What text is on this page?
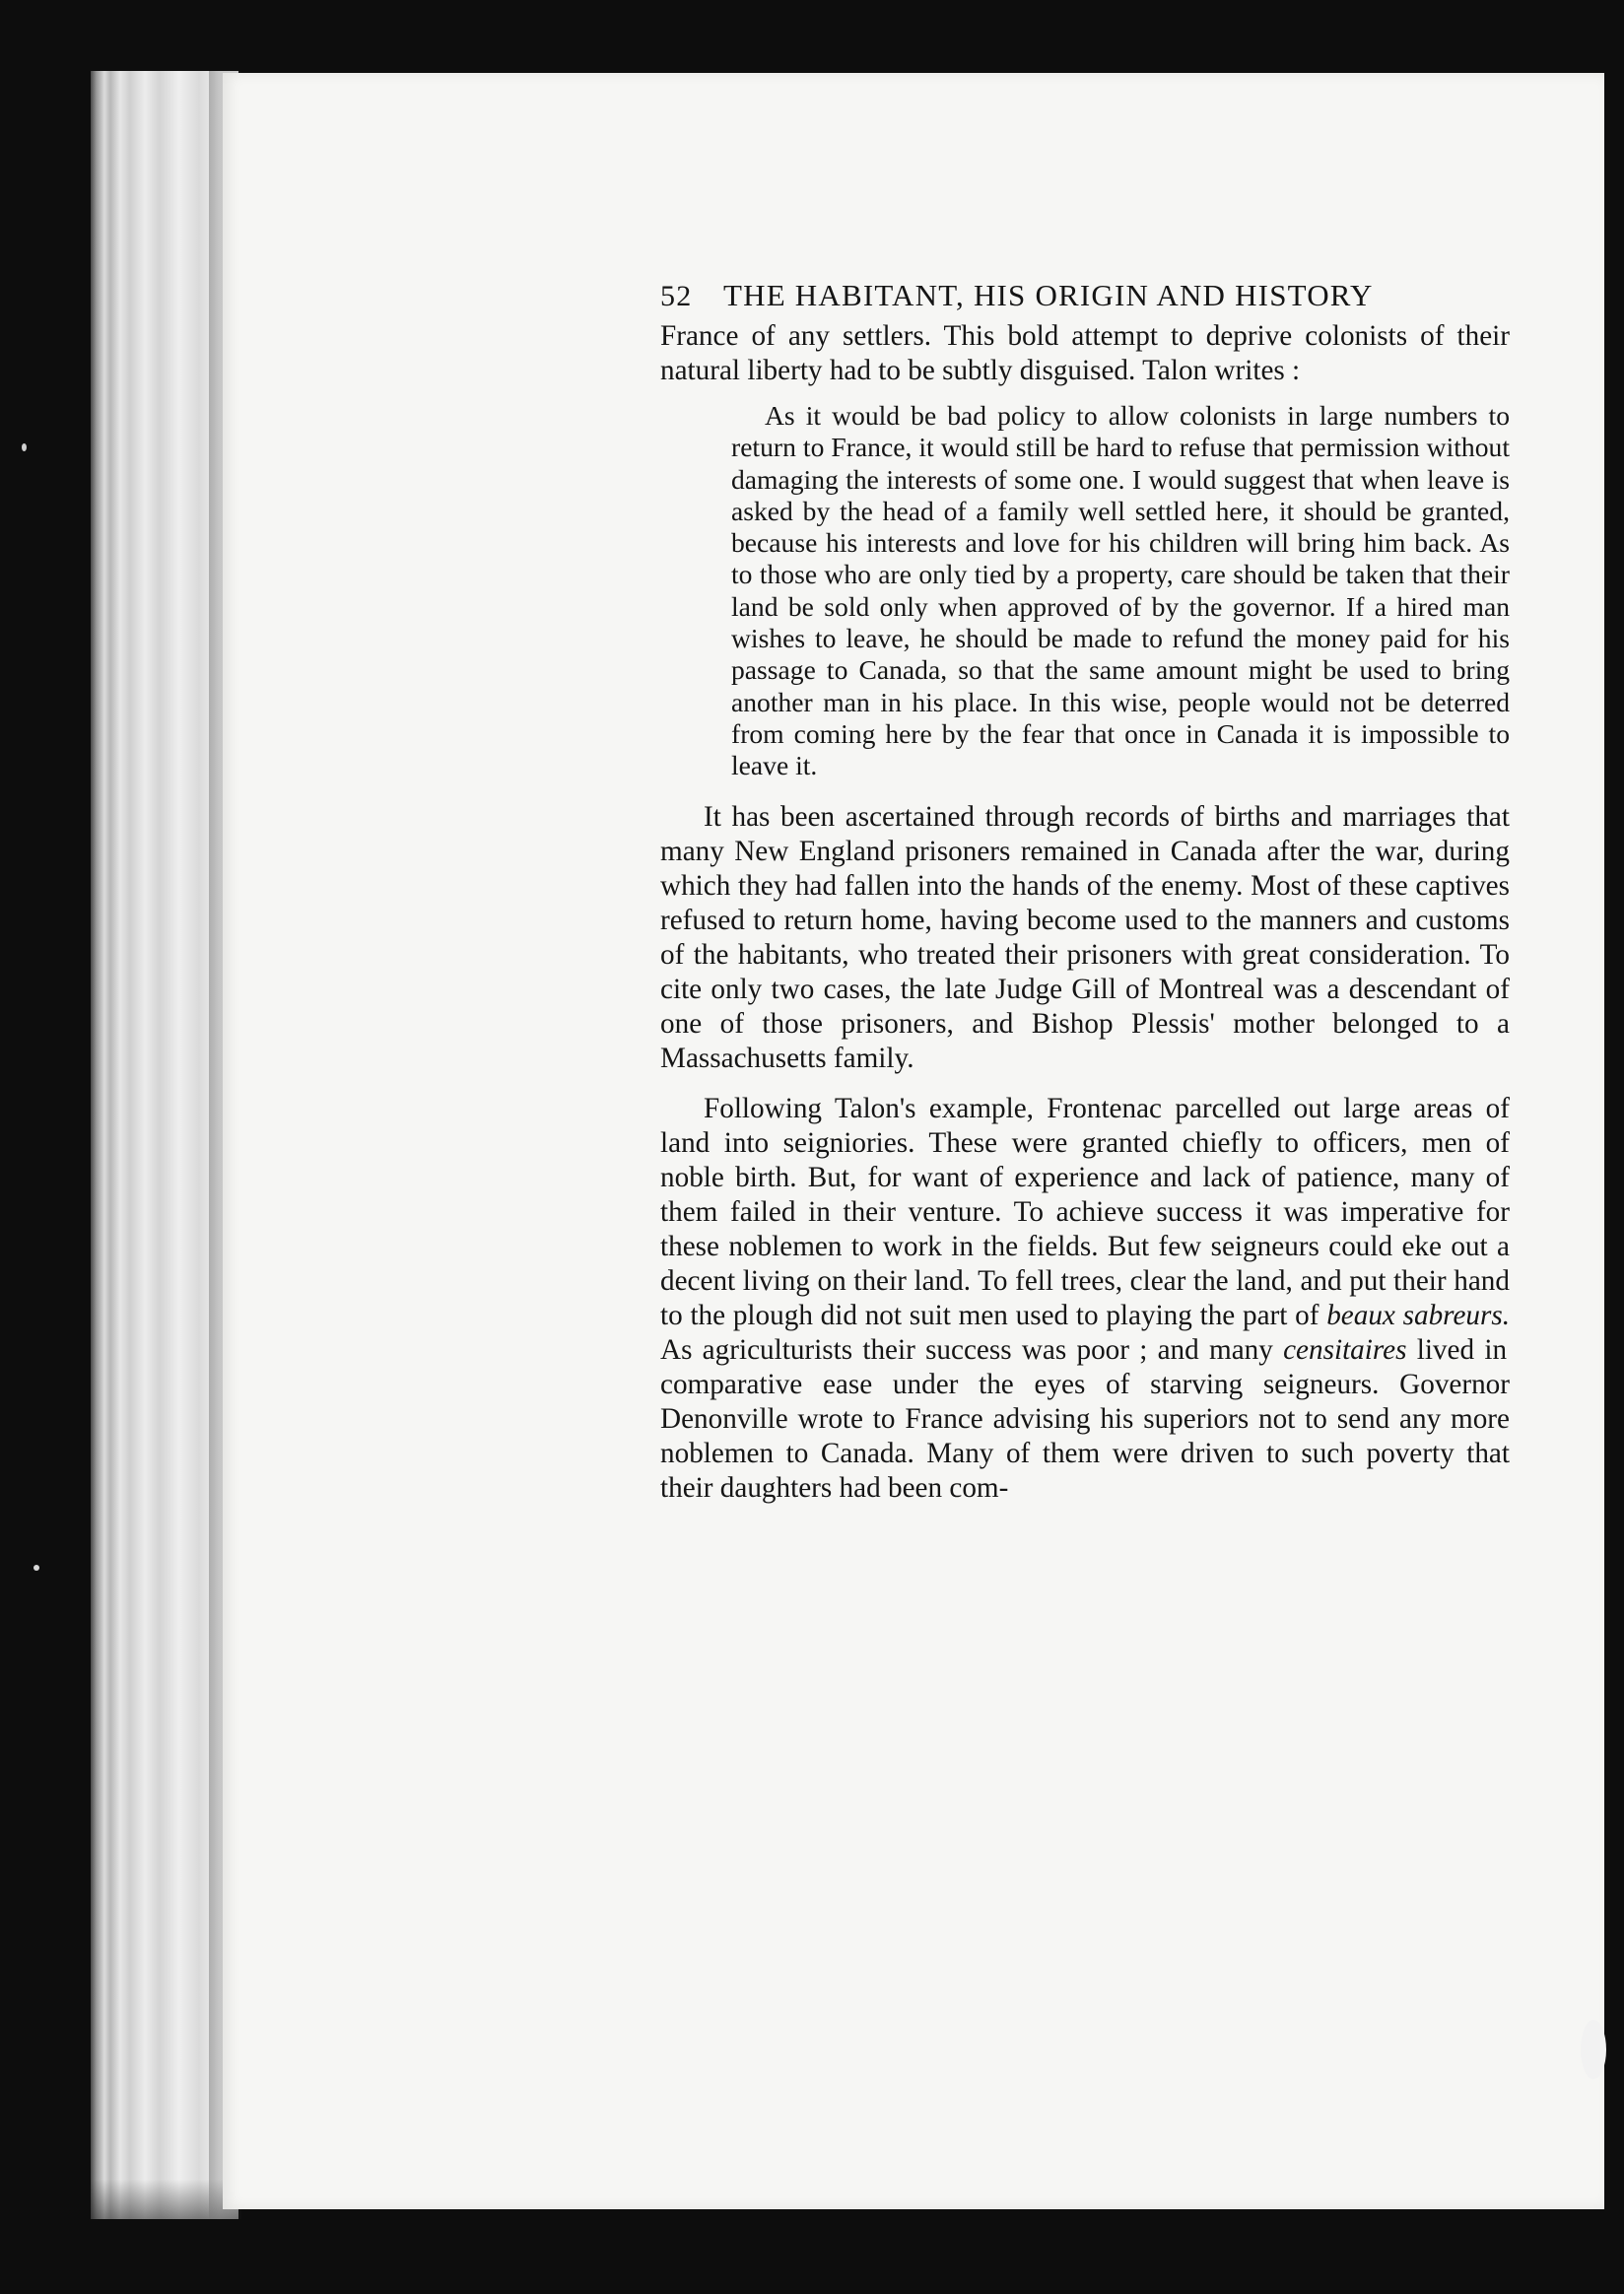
52	THE HABITANT, HIS ORIGIN AND HISTORY

France of any settlers. This bold attempt to deprive colonists of their natural liberty had to be subtly disguised. Talon writes :

As it would be bad policy to allow colonists in large numbers to return to France, it would still be hard to refuse that permission without damaging the interests of some one. I would suggest that when leave is asked by the head of a family well settled here, it should be granted, because his interests and love for his children will bring him back. As to those who are only tied by a property, care should be taken that their land be sold only when approved of by the governor. If a hired man wishes to leave, he should be made to refund the money paid for his passage to Canada, so that the same amount might be used to bring another man in his place. In this wise, people would not be deterred from coming here by the fear that once in Canada it is impossible to leave it.

It has been ascertained through records of births and marriages that many New England prisoners remained in Canada after the war, during which they had fallen into the hands of the enemy. Most of these captives refused to return home, having become used to the manners and customs of the habitants, who treated their prisoners with great consideration. To cite only two cases, the late Judge Gill of Montreal was a descendant of one of those prisoners, and Bishop Plessis' mother belonged to a Massachusetts family.

Following Talon's example, Frontenac parcelled out large areas of land into seigniories. These were granted chiefly to officers, men of noble birth. But, for want of experience and lack of patience, many of them failed in their venture. To achieve success it was imperative for these noblemen to work in the fields. But few seigneurs could eke out a decent living on their land. To fell trees, clear the land, and put their hand to the plough did not suit men used to playing the part of beaux sabreurs. As agriculturists their success was poor ; and many censitaires lived in comparative ease under the eyes of starving seigneurs. Governor Denonville wrote to France advising his superiors not to send any more noblemen to Canada. Many of them were driven to such poverty that their daughters had been com-
